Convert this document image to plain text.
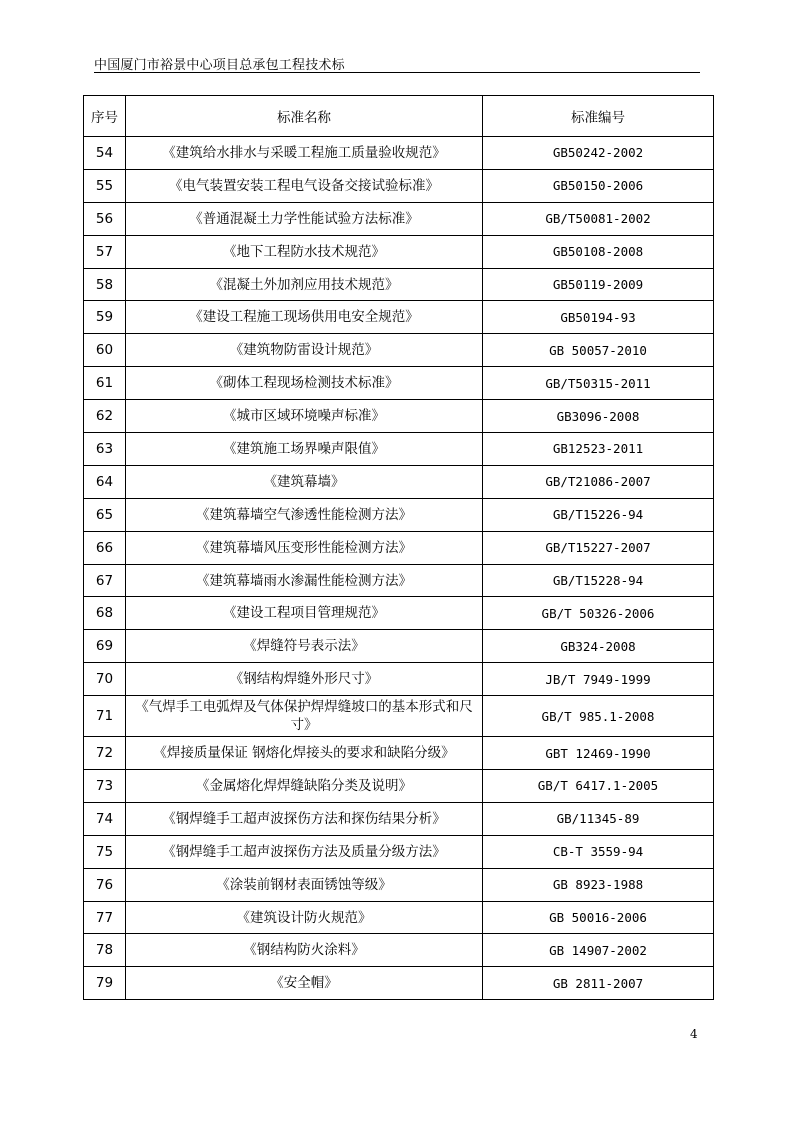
中国厦门市裕景中心项目总承包工程技术标
序号	标准名称	标准编号
54	《建筑给水排水与采暖工程施工质量验收规范》	GB50242-2002
55	《电气装置安装工程电气设备交接试验标准》	GB50150-2006
56	《普通混凝土力学性能试验方法标准》	GB/T50081-2002
57	《地下工程防水技术规范》	GB50108-2008
58	《混凝土外加剂应用技术规范》	GB50119-2009
59	《建设工程施工现场供用电安全规范》	GB50194-93
60	《建筑物防雷设计规范》	GB 50057-2010
61	《砌体工程现场检测技术标准》	GB/T50315-2011
62	《城市区域环境噪声标准》	GB3096-2008
63	《建筑施工场界噪声限值》	GB12523-2011
64	《建筑幕墙》	GB/T21086-2007
65	《建筑幕墙空气渗透性能检测方法》	GB/T15226-94
66	《建筑幕墙风压变形性能检测方法》	GB/T15227-2007
67	《建筑幕墙雨水渗漏性能检测方法》	GB/T15228-94
68	《建设工程项目管理规范》	GB/T 50326-2006
69	《焊缝符号表示法》	GB324-2008
70	《钢结构焊缝外形尺寸》	JB/T 7949-1999
71	《气焊手工电弧焊及气体保护焊焊缝坡口的基本形式和尺寸》	GB/T 985.1-2008
72	《焊接质量保证 钢熔化焊接头的要求和缺陷分级》	GBT 12469-1990
73	《金属熔化焊焊缝缺陷分类及说明》	GB/T 6417.1-2005
74	《钢焊缝手工超声波探伤方法和探伤结果分析》	GB/11345-89
75	《钢焊缝手工超声波探伤方法及质量分级方法》	CB-T 3559-94
76	《涂装前钢材表面锈蚀等级》	GB 8923-1988
77	《建筑设计防火规范》	GB 50016-2006
78	《钢结构防火涂料》	GB 14907-2002
79	《安全帽》	GB 2811-2007
4
